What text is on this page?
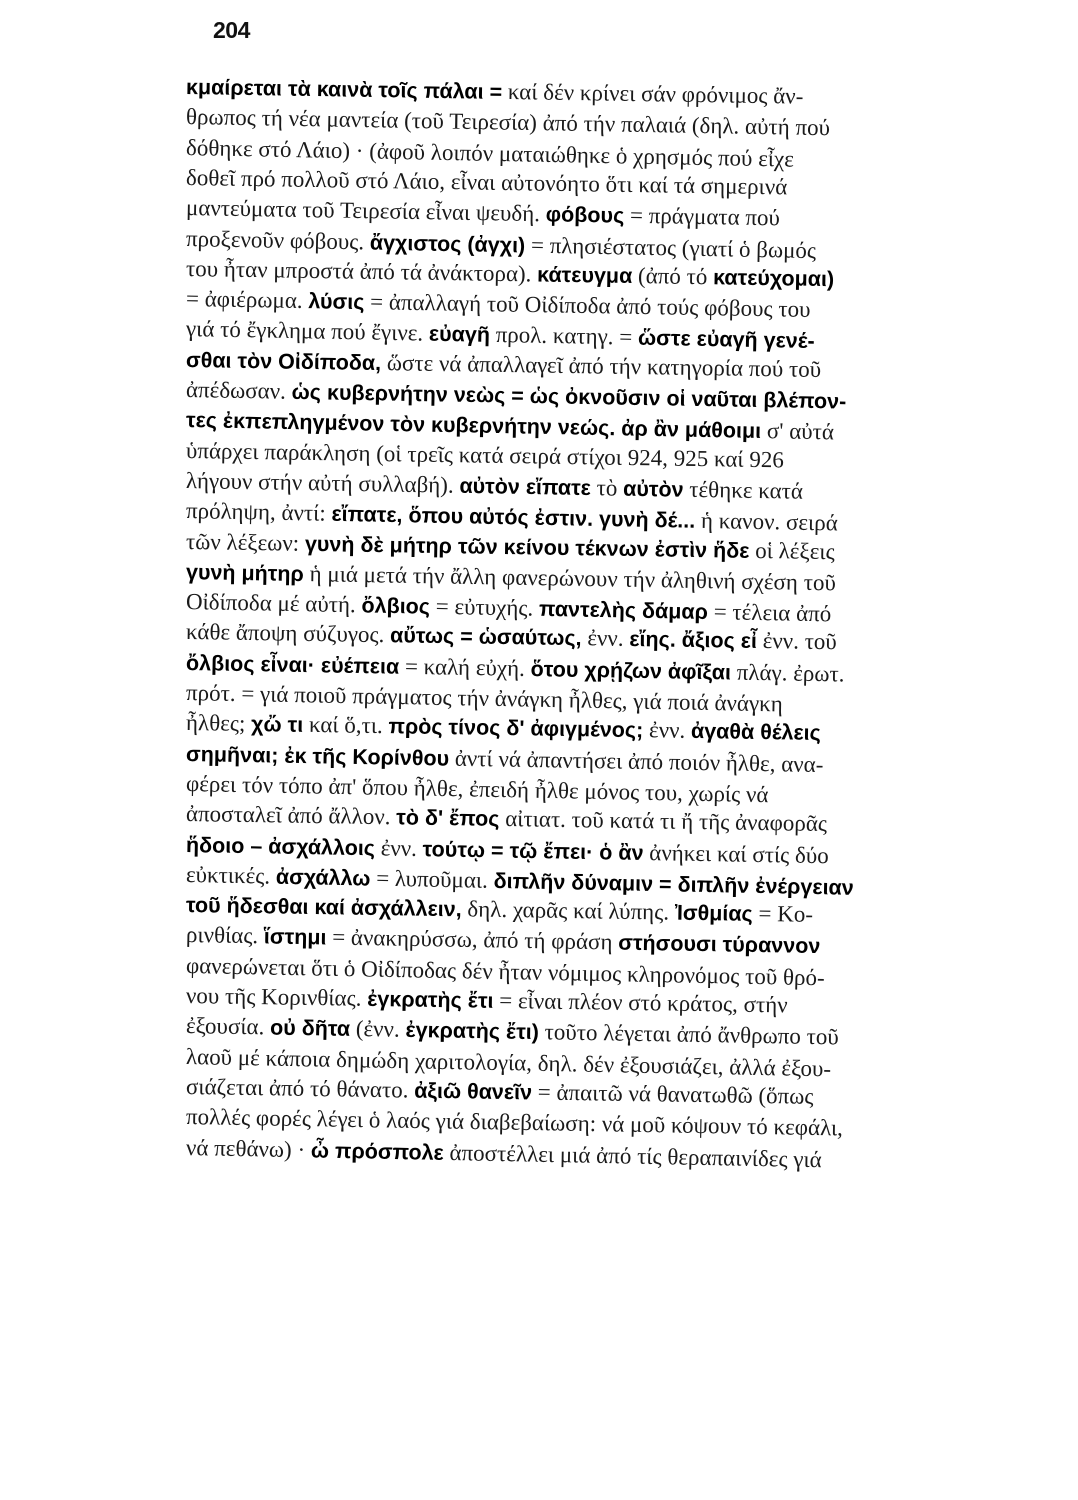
204
κμαίρεται τὰ καινὰ τοῖς πάλαι = καί δέν κρίνει σάν φρόνιμος ἄν-
θρωπος τή νέα μαντεία (τοῦ Τειρεσία) ἀπό τήν παλαιά (δηλ. αὐτή πού
δόθηκε στό Λάιο) · (ἀφοῦ λοιπόν ματαιώθηκε ὁ χρησμός πού εἶχε
δοθεῖ πρό πολλοῦ στό Λάιο, εἶναι αὐτονόητο ὅτι καί τά σημερινά
μαντεύματα τοῦ Τειρεσία εἶναι ψευδή. φόβους = πράγματα πού
προξενοῦν φόβους. ἄγχιστος (ἀγχι) = πλησιέστατος (γιατί ὁ βωμός
του ἦταν μπροστά ἀπό τά ἀνάκτορα). κάτευγμα (ἀπό τό κατεύχομαι)
= ἀφιέρωμα. λύσις = ἀπαλλαγή τοῦ Οἰδίποδα ἀπό τούς φόβους του
γιά τό ἔγκλημα πού ἔγινε. εὐαγῆ προλ. κατηγ. = ὥστε εὐαγῆ γενέ-
σθαι τὸν Οἰδίποδα, ὥστε νά ἀπαλλαγεῖ ἀπό τήν κατηγορία πού τοῦ
ἀπέδωσαν. ὡς κυβερνήτην νεὼς = ὡς ὀκνοῦσιν οἱ ναῦται βλέπον-
τες ἐκπεπληγμένον τὸν κυβερνήτην νεώς. ἀρ ἂν μάθοιμι σ' αὐτά
ὑπάρχει παράκληση (οἱ τρεῖς κατά σειρά στίχοι 924, 925 καί 926
λήγουν στήν αὐτή συλλαβή). αὐτὸν εἴπατε τὸ αὐτὸν τέθηκε κατά
πρόληψη, ἀντί: εἴπατε, ὅπου αὐτός ἐστιν. γυνὴ δέ... ἡ κανον. σειρά
τῶν λέξεων: γυνὴ δὲ μήτηρ τῶν κείνου τέκνων ἐστὶν ἥδε οἱ λέξεις
γυνὴ μήτηρ ἡ μιά μετά τήν ἄλλη φανερώνουν τήν ἀληθινή σχέση τοῦ
Οἰδίποδα μέ αὐτή. ὄλβιος = εὐτυχής. παντελὴς δάμαρ = τέλεια ἀπό
κάθε ἄποψη σύζυγος. αὔτως = ὡσαύτως, ἐνν. εἴης. ἄξιος εἶ ἐνν. τοῦ
ὄλβιος εἶναι· εὐέπεια = καλή εὐχή. ὅτου χρῄζων ἀφῖξαι πλάγ. ἐρωτ.
πρότ. = γιά ποιοῦ πράγματος τήν ἀνάγκη ἦλθες, γιά ποιά ἀνάγκη
ἦλθες; χὤ τι καί ὅ,τι. πρὸς τίνος δ' ἀφιγμένος; ἐνν. ἀγαθὰ θέλεις
σημῆναι; ἐκ τῆς Κορίνθου ἀντί νά ἀπαντήσει ἀπό ποιόν ἦλθε, ανα-
φέρει τόν τόπο ἀπ' ὅπου ἦλθε, ἐπειδή ἦλθε μόνος του, χωρίς νά
ἀποσταλεῖ ἀπό ἄλλον. τὸ δ' ἔπος αἰτιατ. τοῦ κατά τι ἤ τῆς ἀναφορᾶς
ἥδοιο – ἀσχάλλοις ἐνν. τούτῳ = τῷ ἔπει· ὁ ἂν ἀνήκει καί στίς δύο
εὐκτικές. ἀσχάλλω = λυποῦμαι. διπλῆν δύναμιν = διπλῆν ἐνέργειαν
τοῦ ἥδεσθαι καί ἀσχάλλειν, δηλ. χαρᾶς καί λύπης. Ἰσθμίας = Κο-
ρινθίας. ἵστημι = ἀνακηρύσσω, ἀπό τή φράση στήσουσι τύραννον
φανερώνεται ὅτι ὁ Οἰδίποδας δέν ἦταν νόμιμος κληρονόμος τοῦ θρό-
νου τῆς Κορινθίας. ἐγκρατὴς ἔτι = εἶναι πλέον στό κράτος, στήν
ἐξουσία. οὐ δῆτα (ἐνν. ἐγκρατὴς ἔτι) τοῦτο λέγεται ἀπό ἄνθρωπο τοῦ
λαοῦ μέ κάποια δημώδη χαριτολογία, δηλ. δέν ἐξουσιάζει, ἀλλά ἐξου-
σιάζεται ἀπό τό θάνατο. ἀξιῶ θανεῖν = ἀπαιτῶ νά θανατωθῶ (ὅπως
πολλές φορές λέγει ὁ λαός γιά διαβεβαίωση: νά μοῦ κόψουν τό κεφάλι,
νά πεθάνω) · ὦ πρόσπολε ἀποστέλλει μιά ἀπό τίς θεραπαινίδες γιά
